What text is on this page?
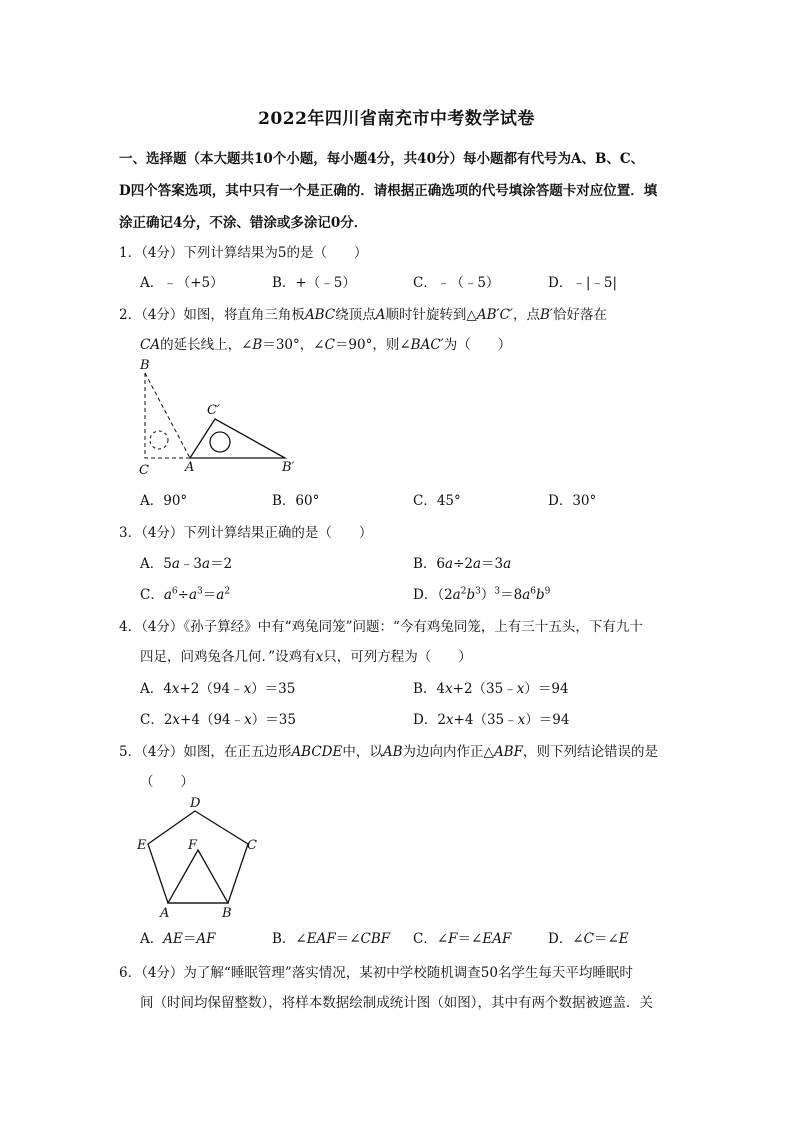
2022年四川省南充市中考数学试卷
一、选择题（本大题共10个小题，每小题4分，共40分）每小题都有代号为A、B、C、
D四个答案选项，其中只有一个是正确的．请根据正确选项的代号填涂答题卡对应位置．填
涂正确记4分，不涂、错涂或多涂记0分．
1．（4分）下列计算结果为5的是（　　）
A．﹣（+5）	B．+（﹣5）	C．﹣（﹣5）	D．﹣|﹣5|
2．（4分）如图，将直角三角板ABC绕顶点A顺时针旋转到△AB′C′，点B′恰好落在
CA的延长线上，∠B＝30°，∠C＝90°，则∠BAC′为（　　）
B
C	A
C′
B′
A．90°	B．60°	C．45°	D．30°
3．（4分）下列计算结果正确的是（　　）
A．5a﹣3a＝2	B．6a÷2a＝3a
C．$a^6\div a^3=a^2$	D．$(2a^2b^3)^3=8a^6b^9$
4．（4分）《孙子算经》中有“鸡兔同笼”问题：“今有鸡兔同笼，上有三十五头，下有九十
四足，问鸡兔各几何．”设鸡有x只，可列方程为（　　）
A．4x+2（94﹣x）＝35	B．4x+2（35﹣x）＝94
C．2x+4（94﹣x）＝35	D．2x+4（35﹣x）＝94
5．（4分）如图，在正五边形ABCDE中，以AB为边向内作正△ABF，则下列结论错误的是
（　　）
D
E	C
F
A	B
A．AE＝AF	B．∠EAF＝∠CBF C．∠F＝∠EAF	D．∠C＝∠E
6．（4分）为了解“睡眠管理”落实情况，某初中学校随机调查50名学生每天平均睡眠时
间（时间均保留整数），将样本数据绘制成统计图（如图），其中有两个数据被遮盖．关
